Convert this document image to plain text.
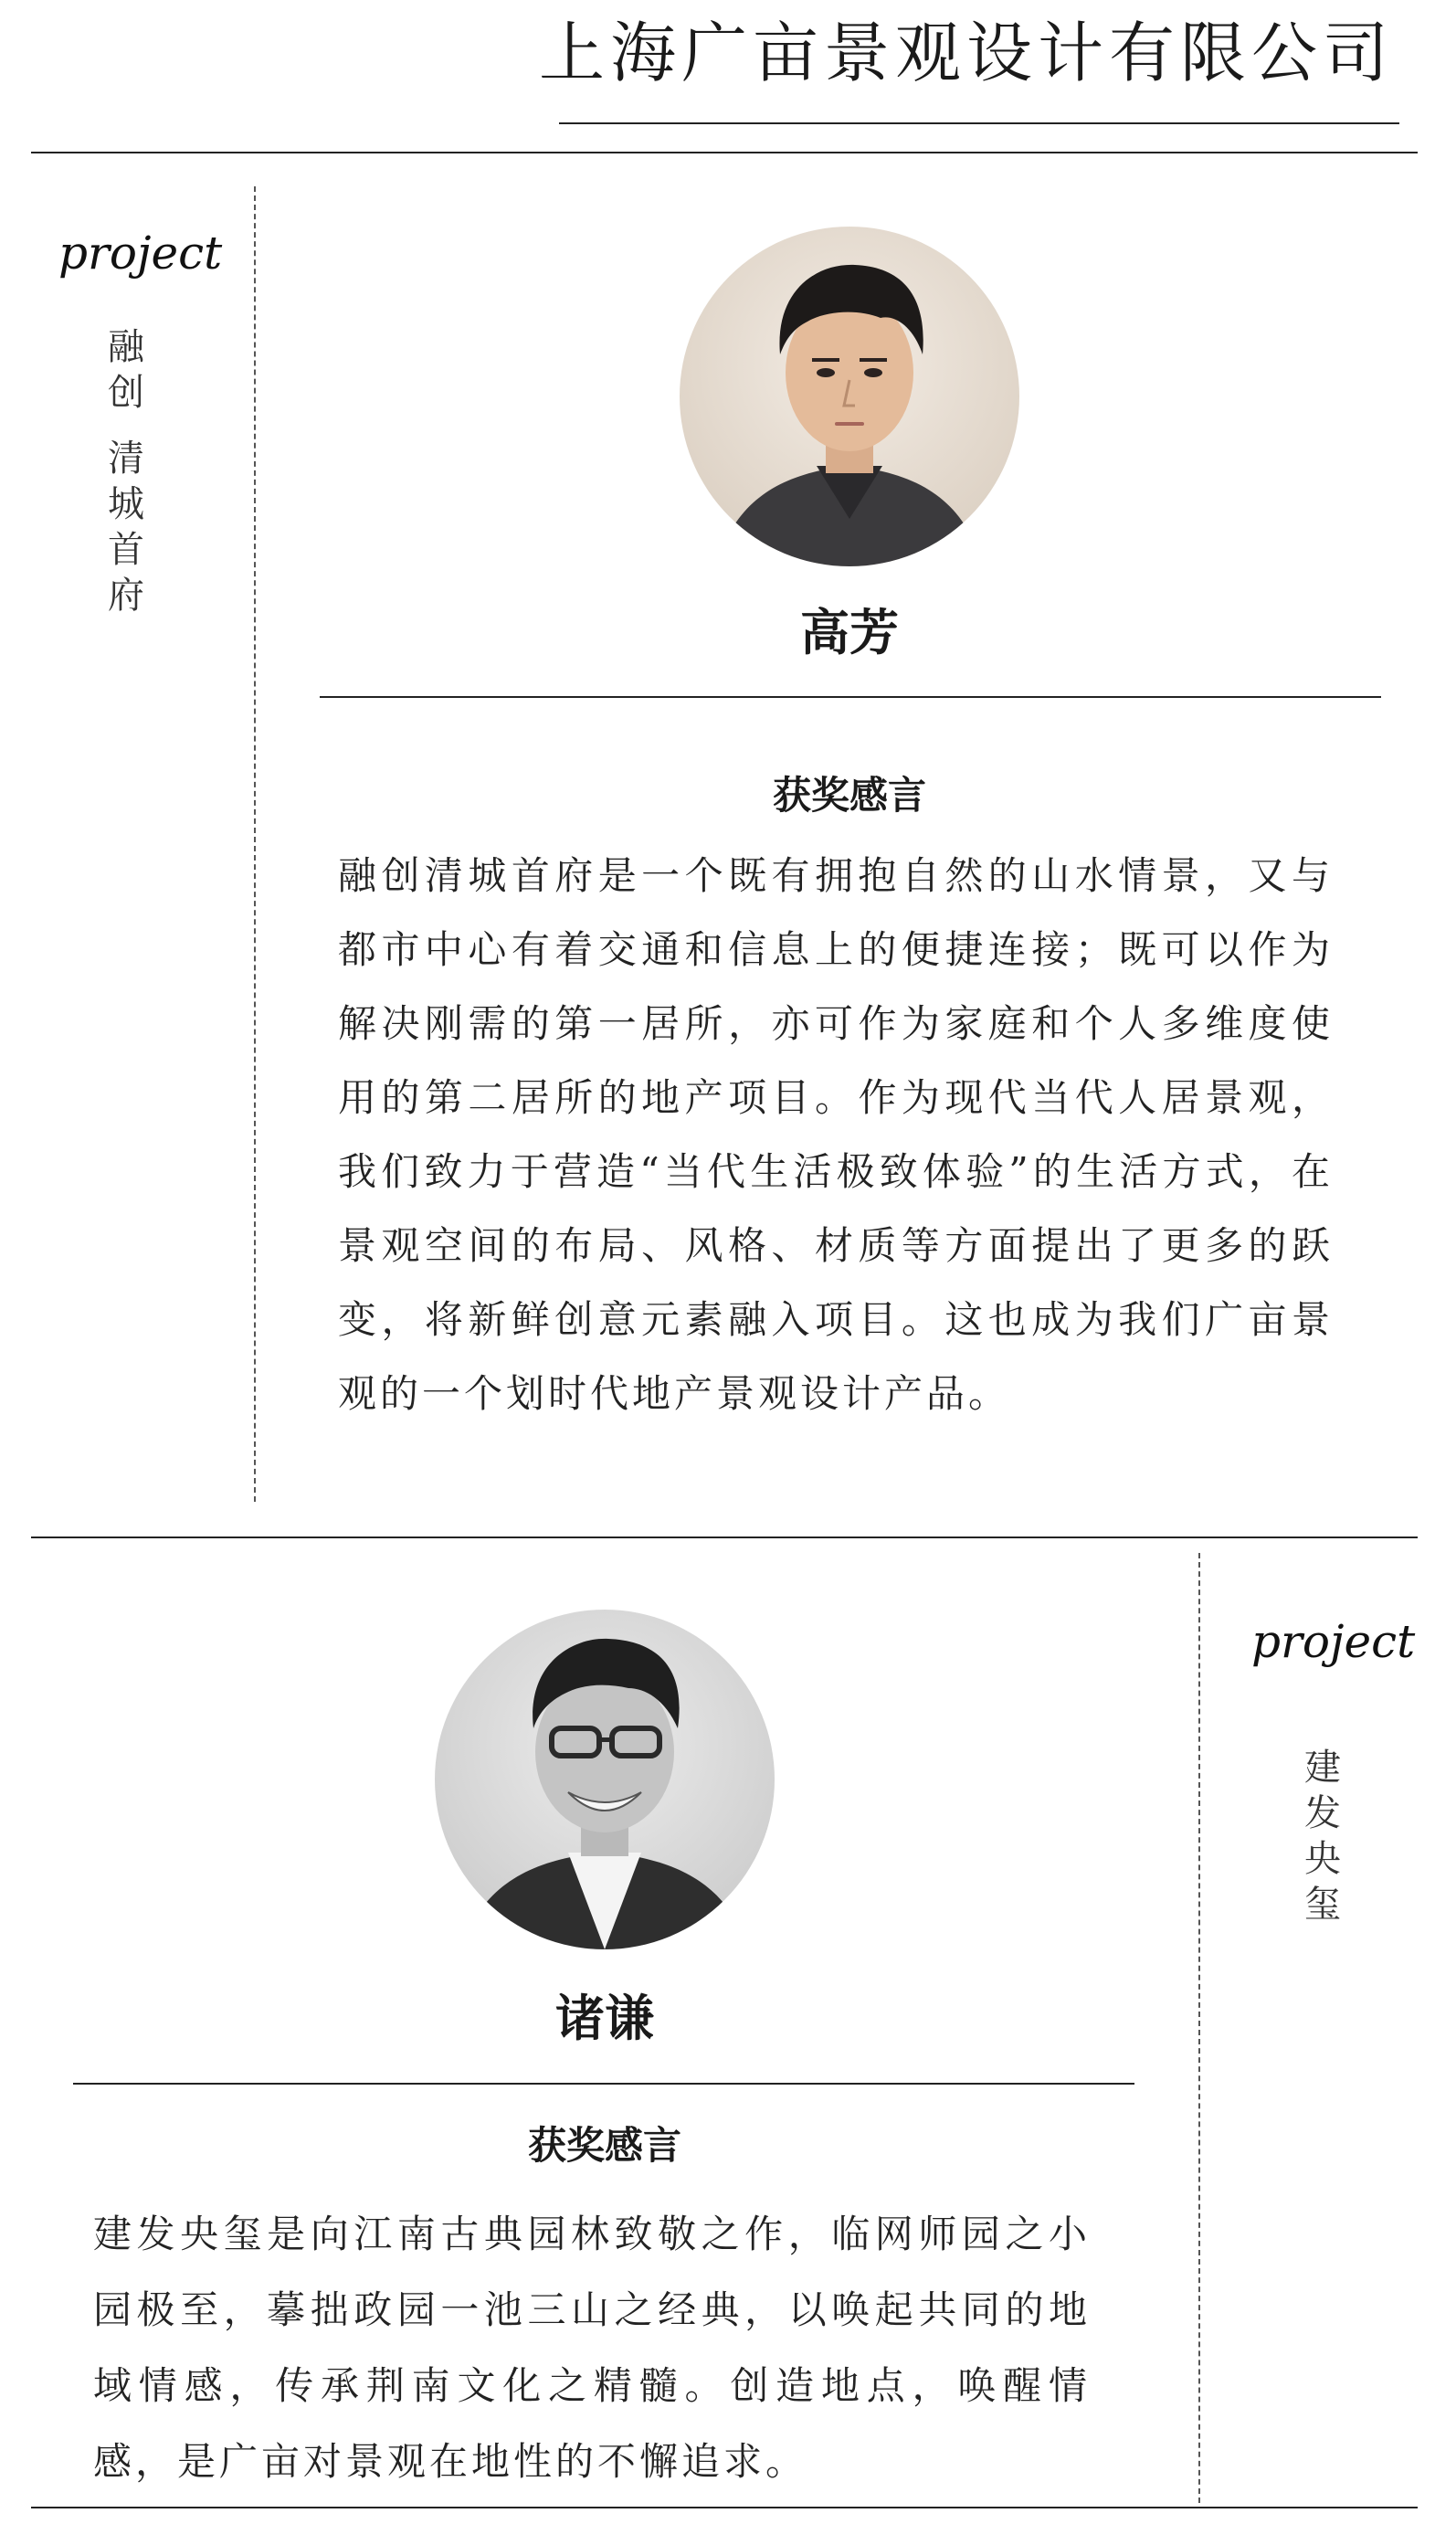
上海广亩景观设计有限公司
project
融
创
清
城
首
府
高芳
获奖感言
融创清城首府是一个既有拥抱自然的山水情景，又与都市中心有着交通和信息上的便捷连接；既可以作为解决刚需的第一居所，亦可作为家庭和个人多维度使用的第二居所的地产项目。作为现代当代人居景观，我们致力于营造“当代生活极致体验”的生活方式，在景观空间的布局、风格、材质等方面提出了更多的跃变，将新鲜创意元素融入项目。这也成为我们广亩景观的一个划时代地产景观设计产品。
诸谦
获奖感言
建发央玺是向江南古典园林致敬之作，临网师园之小园极至，摹拙政园一池三山之经典，以唤起共同的地域情感，传承荆南文化之精髓。创造地点，唤醒情感，是广亩对景观在地性的不懈追求。
project
建
发
央
玺
